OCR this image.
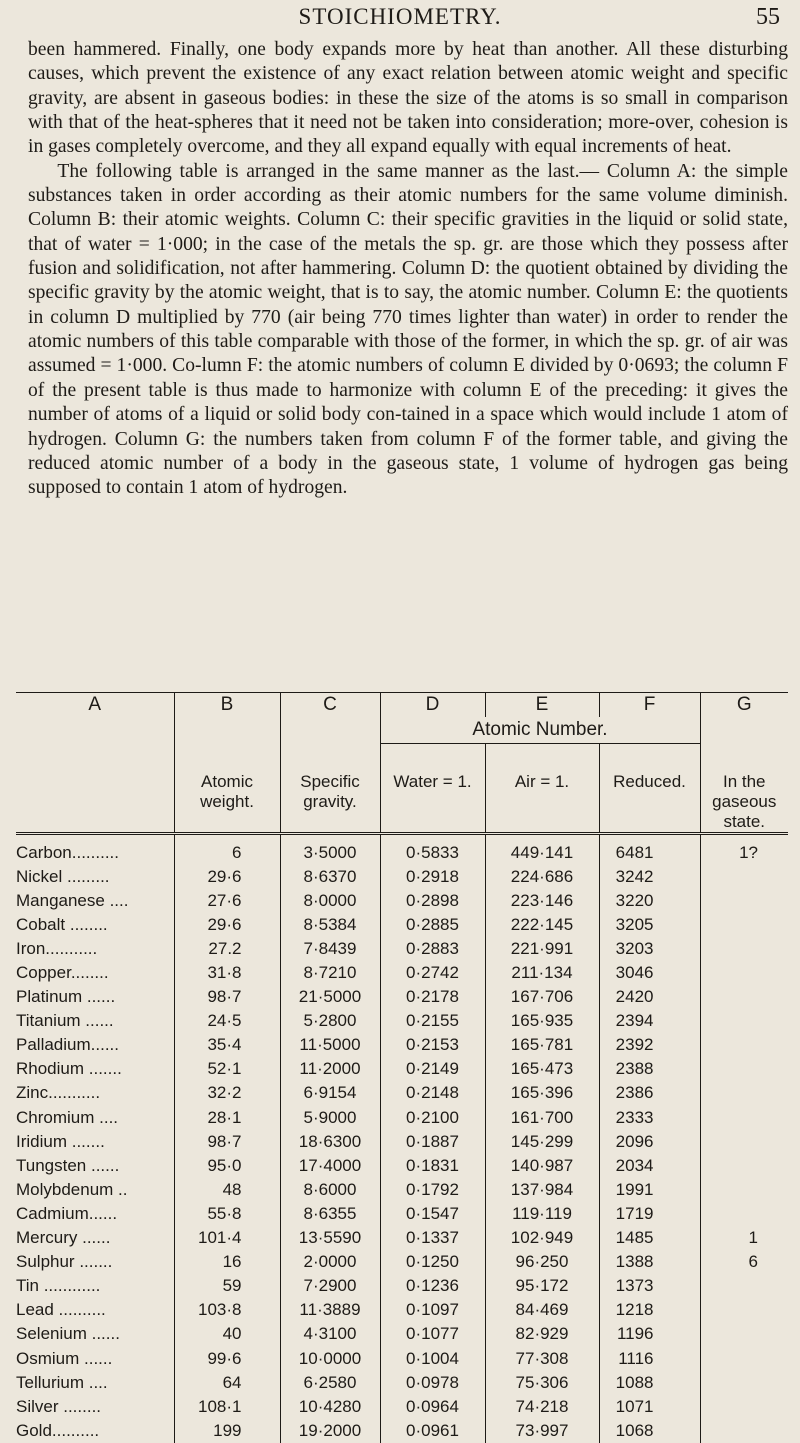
STOICHIOMETRY.	55

been hammered. Finally, one body expands more by heat than another. All these disturbing causes, which prevent the existence of any exact relation between atomic weight and specific gravity, are absent in gaseous bodies: in these the size of the atoms is so small in comparison with that of the heat-spheres that it need not be taken into consideration; more-over, cohesion is in gases completely overcome, and they all expand equally with equal increments of heat.

The following table is arranged in the same manner as the last.— Column A: the simple substances taken in order according as their atomic numbers for the same volume diminish. Column B: their atomic weights. Column C: their specific gravities in the liquid or solid state, that of water = 1·000; in the case of the metals the sp. gr. are those which they possess after fusion and solidification, not after hammering. Column D: the quotient obtained by dividing the specific gravity by the atomic weight, that is to say, the atomic number. Column E: the quotients in column D multiplied by 770 (air being 770 times lighter than water) in order to render the atomic numbers of this table comparable with those of the former, in which the sp. gr. of air was assumed = 1·000. Co-lumn F: the atomic numbers of column E divided by 0·0693; the column F of the present table is thus made to harmonize with column E of the preceding: it gives the number of atoms of a liquid or solid body con-tained in a space which would include 1 atom of hydrogen. Column G: the numbers taken from column F of the former table, and giving the reduced atomic number of a body in the gaseous state, 1 volume of hydrogen gas being supposed to contain 1 atom of hydrogen.

A	B	C	D	E	F	G
			Atomic Number.			
	Atomic weight.	Specific gravity.	Water = 1.	Air = 1.	Reduced.	In the gaseous state.
Carbon..........	6	3·5000	0·5833	449·141	6481	1?
Nickel .........	29·6	8·6370	0·2918	224·686	3242	
Manganese ....	27·6	8·0000	0·2898	223·146	3220	
Cobalt ........	29·6	8·5384	0·2885	222·145	3205	
Iron...........	27.2	7·8439	0·2883	221·991	3203	
Copper........	31·8	8·7210	0·2742	211·134	3046	
Platinum ......	98·7	21·5000	0·2178	167·706	2420	
Titanium ......	24·5	5·2800	0·2155	165·935	2394	
Palladium......	35·4	11·5000	0·2153	165·781	2392	
Rhodium .......	52·1	11·2000	0·2149	165·473	2388	
Zinc...........	32·2	6·9154	0·2148	165·396	2386	
Chromium ....	28·1	5·9000	0·2100	161·700	2333	
Iridium .......	98·7	18·6300	0·1887	145·299	2096	
Tungsten ......	95·0	17·4000	0·1831	140·987	2034	
Molybdenum ..	48	8·6000	0·1792	137·984	1991	
Cadmium......	55·8	8·6355	0·1547	119·119	1719	
Mercury ......	101·4	13·5590	0·1337	102·949	1485	1
Sulphur .......	16	2·0000	0·1250	96·250	1388	6
Tin ............	59	7·2900	0·1236	95·172	1373	
Lead ..........	103·8	11·3889	0·1097	84·469	1218	
Selenium ......	40	4·3100	0·1077	82·929	1196	
Osmium ......	99·6	10·0000	0·1004	77·308	1116	
Tellurium ....	64	6·2580	0·0978	75·306	1088	
Silver ........	108·1	10·4280	0·0964	74·218	1071	
Gold..........	199	19·2000	0·0961	73·997	1068	
